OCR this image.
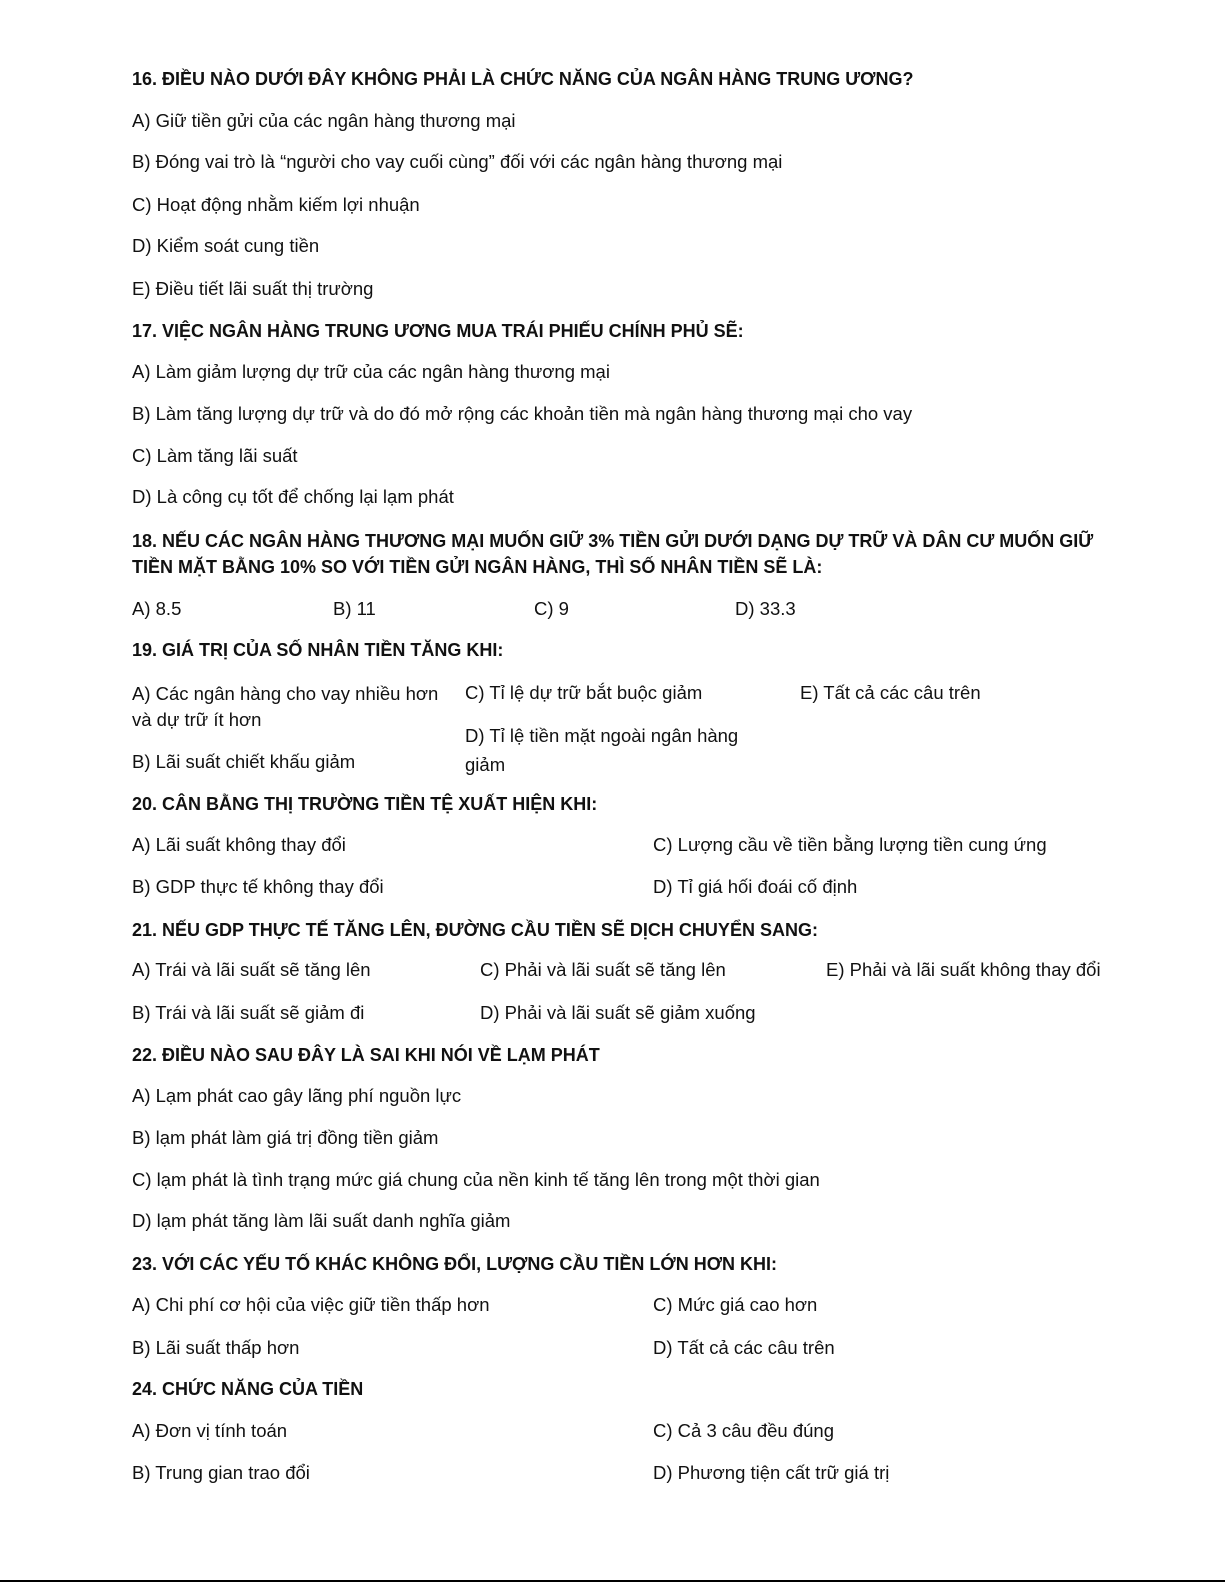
16. ĐIỀU NÀO DƯỚI ĐÂY KHÔNG PHẢI LÀ CHỨC NĂNG CỦA NGÂN HÀNG TRUNG ƯƠNG?
A) Giữ tiền gửi của các ngân hàng thương mại
B) Đóng vai trò là “người cho vay cuối cùng” đối với các ngân hàng thương mại
C) Hoạt động nhằm kiếm lợi nhuận
D) Kiểm soát cung tiền
E) Điều tiết lãi suất thị trường
17. VIỆC NGÂN HÀNG TRUNG ƯƠNG MUA TRÁI PHIẾU CHÍNH PHỦ SẼ:
A) Làm giảm lượng dự trữ của các ngân hàng thương mại
B) Làm tăng lượng dự trữ và do đó mở rộng các khoản tiền mà ngân hàng thương mại cho vay
C) Làm tăng lãi suất
D) Là công cụ tốt để chống lại lạm phát
18. NẾU CÁC NGÂN HÀNG THƯƠNG MẠI MUỐN GIỮ 3% TIỀN GỬI DƯỚI DẠNG DỰ TRỮ VÀ DÂN CƯ MUỐN GIỮ
TIỀN MẶT BẰNG 10% SO VỚI TIỀN GỬI NGÂN HÀNG, THÌ SỐ NHÂN TIỀN SẼ LÀ:
A) 8.5	B) 11	C) 9	D) 33.3
19. GIÁ TRỊ CỦA SỐ NHÂN TIỀN TĂNG KHI:
A) Các ngân hàng cho vay nhiều hơn và dự trữ ít hơn
B) Lãi suất chiết khấu giảm
C) Tỉ lệ dự trữ bắt buộc giảm
D) Tỉ lệ tiền mặt ngoài ngân hàng giảm
E) Tất cả các câu trên
20. CÂN BẰNG THỊ TRƯỜNG TIỀN TỆ XUẤT HIỆN KHI:
A) Lãi suất không thay đổi
B) GDP thực tế không thay đổi
C) Lượng cầu về tiền bằng lượng tiền cung ứng
D) Tỉ giá hối đoái cố định
21. NẾU GDP THỰC TẾ TĂNG LÊN, ĐƯỜNG CẦU TIỀN SẼ DỊCH CHUYỂN SANG:
A) Trái và lãi suất sẽ tăng lên
B) Trái và lãi suất sẽ giảm đi
C) Phải và lãi suất sẽ tăng lên
D) Phải và lãi suất sẽ giảm xuống
E) Phải và lãi suất không thay đổi
22. ĐIỀU NÀO SAU ĐÂY LÀ SAI KHI NÓI VỀ LẠM PHÁT
A) Lạm phát cao gây lãng phí nguồn lực
B) lạm phát làm giá trị đồng tiền giảm
C) lạm phát là tình trạng mức giá chung của nền kinh tế tăng lên trong một thời gian
D) lạm phát tăng làm lãi suất danh nghĩa giảm
23. VỚI CÁC YẾU TỐ KHÁC KHÔNG ĐỔI, LƯỢNG CẦU TIỀN LỚN HƠN KHI:
A) Chi phí cơ hội của việc giữ tiền thấp hơn
B) Lãi suất thấp hơn
C) Mức giá cao hơn
D) Tất cả các câu trên
24. CHỨC NĂNG CỦA TIỀN
A) Đơn vị tính toán
B) Trung gian trao đổi
C) Cả 3 câu đều đúng
D) Phương tiện cất trữ giá trị
